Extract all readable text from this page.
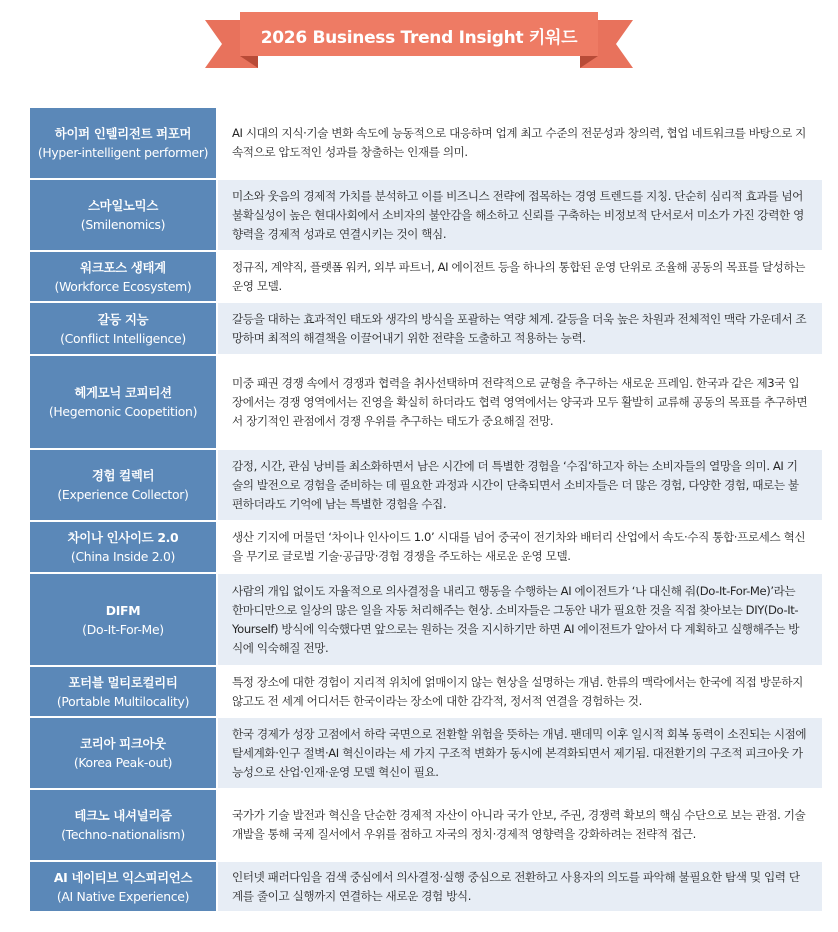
2026 Business Trend Insight 키워드
하이퍼 인텔리전트 퍼포머
(Hyper-intelligent performer)
AI 시대의 지식·기술 변화 속도에 능동적으로 대응하며 업계 최고 수준의 전문성과 창의력, 협업 네트워크를 바탕으로 지속적으로 압도적인 성과를 창출하는 인재를 의미.
스마일노믹스
(Smilenomics)
미소와 웃음의 경제적 가치를 분석하고 이를 비즈니스 전략에 접목하는 경영 트렌드를 지칭. 단순히 심리적 효과를 넘어 불확실성이 높은 현대사회에서 소비자의 불안감을 해소하고 신뢰를 구축하는 비정보적 단서로서 미소가 가진 강력한 영향력을 경제적 성과로 연결시키는 것이 핵심.
워크포스 생태계
(Workforce Ecosystem)
정규직, 계약직, 플랫폼 워커, 외부 파트너, AI 에이전트 등을 하나의 통합된 운영 단위로 조율해 공동의 목표를 달성하는 운영 모델.
갈등 지능
(Conflict Intelligence)
갈등을 대하는 효과적인 태도와 생각의 방식을 포괄하는 역량 체계. 갈등을 더욱 높은 차원과 전체적인 맥락 가운데서 조망하며 최적의 해결책을 이끌어내기 위한 전략을 도출하고 적용하는 능력.
헤게모닉 코피티션
(Hegemonic Coopetition)
미중 패권 경쟁 속에서 경쟁과 협력을 취사선택하며 전략적으로 균형을 추구하는 새로운 프레임. 한국과 같은 제3국 입장에서는 경쟁 영역에서는 진영을 확실히 하더라도 협력 영역에서는 양국과 모두 활발히 교류해 공동의 목표를 추구하면서 장기적인 관점에서 경쟁 우위를 추구하는 태도가 중요해질 전망.
경험 컬렉터
(Experience Collector)
감정, 시간, 관심 낭비를 최소화하면서 남은 시간에 더 특별한 경험을 ‘수집’하고자 하는 소비자들의 열망을 의미. AI 기술의 발전으로 경험을 준비하는 데 필요한 과정과 시간이 단축되면서 소비자들은 더 많은 경험, 다양한 경험, 때로는 불편하더라도 기억에 남는 특별한 경험을 수집.
차이나 인사이드 2.0
(China Inside 2.0)
생산 기지에 머물던 ‘차이나 인사이드 1.0’ 시대를 넘어 중국이 전기차와 배터리 산업에서 속도·수직 통합·프로세스 혁신을 무기로 글로벌 기술·공급망·경험 경쟁을 주도하는 새로운 운영 모델.
DIFM
(Do-It-For-Me)
사람의 개입 없이도 자율적으로 의사결정을 내리고 행동을 수행하는 AI 에이전트가 ‘나 대신해 줘(Do-It-For-Me)’라는 한마디만으로 일상의 많은 일을 자동 처리해주는 현상. 소비자들은 그동안 내가 필요한 것을 직접 찾아보는 DIY(Do-It-Yourself) 방식에 익숙했다면 앞으로는 원하는 것을 지시하기만 하면 AI 에이전트가 알아서 다 계획하고 실행해주는 방식에 익숙해질 전망.
포터블 멀티로컬리티
(Portable Multilocality)
특정 장소에 대한 경험이 지리적 위치에 얽매이지 않는 현상을 설명하는 개념. 한류의 맥락에서는 한국에 직접 방문하지 않고도 전 세계 어디서든 한국이라는 장소에 대한 감각적, 정서적 연결을 경험하는 것.
코리아 피크아웃
(Korea Peak-out)
한국 경제가 성장 고점에서 하락 국면으로 전환할 위험을 뜻하는 개념. 팬데믹 이후 일시적 회복 동력이 소진되는 시점에 탈세계화·인구 절벽·AI 혁신이라는 세 가지 구조적 변화가 동시에 본격화되면서 제기됨. 대전환기의 구조적 피크아웃 가능성으로 산업·인재·운영 모델 혁신이 필요.
테크노 내셔널리즘
(Techno-nationalism)
국가가 기술 발전과 혁신을 단순한 경제적 자산이 아니라 국가 안보, 주권, 경쟁력 확보의 핵심 수단으로 보는 관점. 기술 개발을 통해 국제 질서에서 우위를 점하고 자국의 정치·경제적 영향력을 강화하려는 전략적 접근.
AI 네이티브 익스피리언스
(AI Native Experience)
인터넷 패러다임을 검색 중심에서 의사결정·실행 중심으로 전환하고 사용자의 의도를 파악해 불필요한 탐색 및 입력 단계를 줄이고 실행까지 연결하는 새로운 경험 방식.
